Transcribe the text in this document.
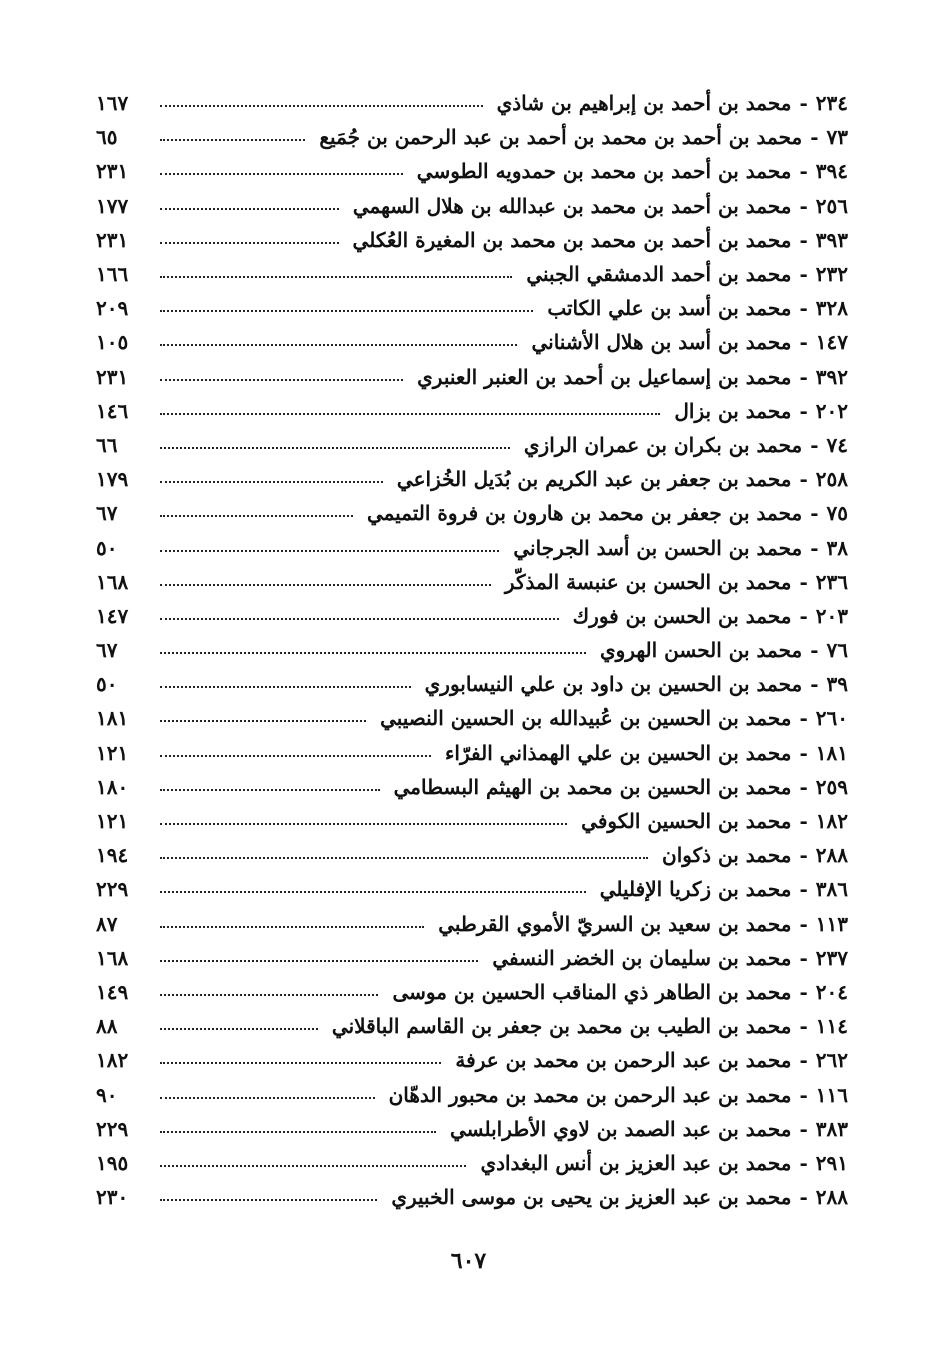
٢٣٤
-
محمد بن أحمد بن إبراهيم بن شاذي
١٦٧
٧٣
-
محمد بن أحمد بن محمد بن أحمد بن عبد الرحمن بن جُمَيع
٦٥
٣٩٤
-
محمد بن أحمد بن محمد بن حمدويه الطوسي
٢٣١
٢٥٦
-
محمد بن أحمد بن محمد بن عبدالله بن هلال السهمي
١٧٧
٣٩٣
-
محمد بن أحمد بن محمد بن محمد بن المغيرة العُكلي
٢٣١
٢٣٢
-
محمد بن أحمد الدمشقي الجبني
١٦٦
٣٢٨
-
محمد بن أسد بن علي الكاتب
٢٠٩
١٤٧
-
محمد بن أسد بن هلال الأشناني
١٠٥
٣٩٢
-
محمد بن إسماعيل بن أحمد بن العنبر العنبري
٢٣١
٢٠٢
-
محمد بن بزال
١٤٦
٧٤
-
محمد بن بكران بن عمران الرازي
٦٦
٢٥٨
-
محمد بن جعفر بن عبد الكريم بن بُدَيل الخُزاعي
١٧٩
٧٥
-
محمد بن جعفر بن محمد بن هارون بن فروة التميمي
٦٧
٣٨
-
محمد بن الحسن بن أسد الجرجاني
٥٠
٢٣٦
-
محمد بن الحسن بن عنبسة المذكّر
١٦٨
٢٠٣
-
محمد بن الحسن بن فورك
١٤٧
٧٦
-
محمد بن الحسن الهروي
٦٧
٣٩
-
محمد بن الحسين بن داود بن علي النيسابوري
٥٠
٢٦٠
-
محمد بن الحسين بن عُبيدالله بن الحسين النصيبي
١٨١
١٨١
-
محمد بن الحسين بن علي الهمذاني الفرّاء
١٢١
٢٥٩
-
محمد بن الحسين بن محمد بن الهيثم البسطامي
١٨٠
١٨٢
-
محمد بن الحسين الكوفي
١٢١
٢٨٨
-
محمد بن ذكوان
١٩٤
٣٨٦
-
محمد بن زكريا الإفليلي
٢٢٩
١١٣
-
محمد بن سعيد بن السريّ الأموي القرطبي
٨٧
٢٣٧
-
محمد بن سليمان بن الخضر النسفي
١٦٨
٢٠٤
-
محمد بن الطاهر ذي المناقب الحسين بن موسى
١٤٩
١١٤
-
محمد بن الطيب بن محمد بن جعفر بن القاسم الباقلاني
٨٨
٢٦٢
-
محمد بن عبد الرحمن بن محمد بن عرفة
١٨٢
١١٦
-
محمد بن عبد الرحمن بن محمد بن محبور الدهّان
٩٠
٣٨٣
-
محمد بن عبد الصمد بن لاوي الأطرابلسي
٢٢٩
٢٩١
-
محمد بن عبد العزيز بن أنس البغدادي
١٩٥
٢٨٨
-
محمد بن عبد العزيز بن يحيى بن موسى الخبيري
٢٣٠
٦٠٧
